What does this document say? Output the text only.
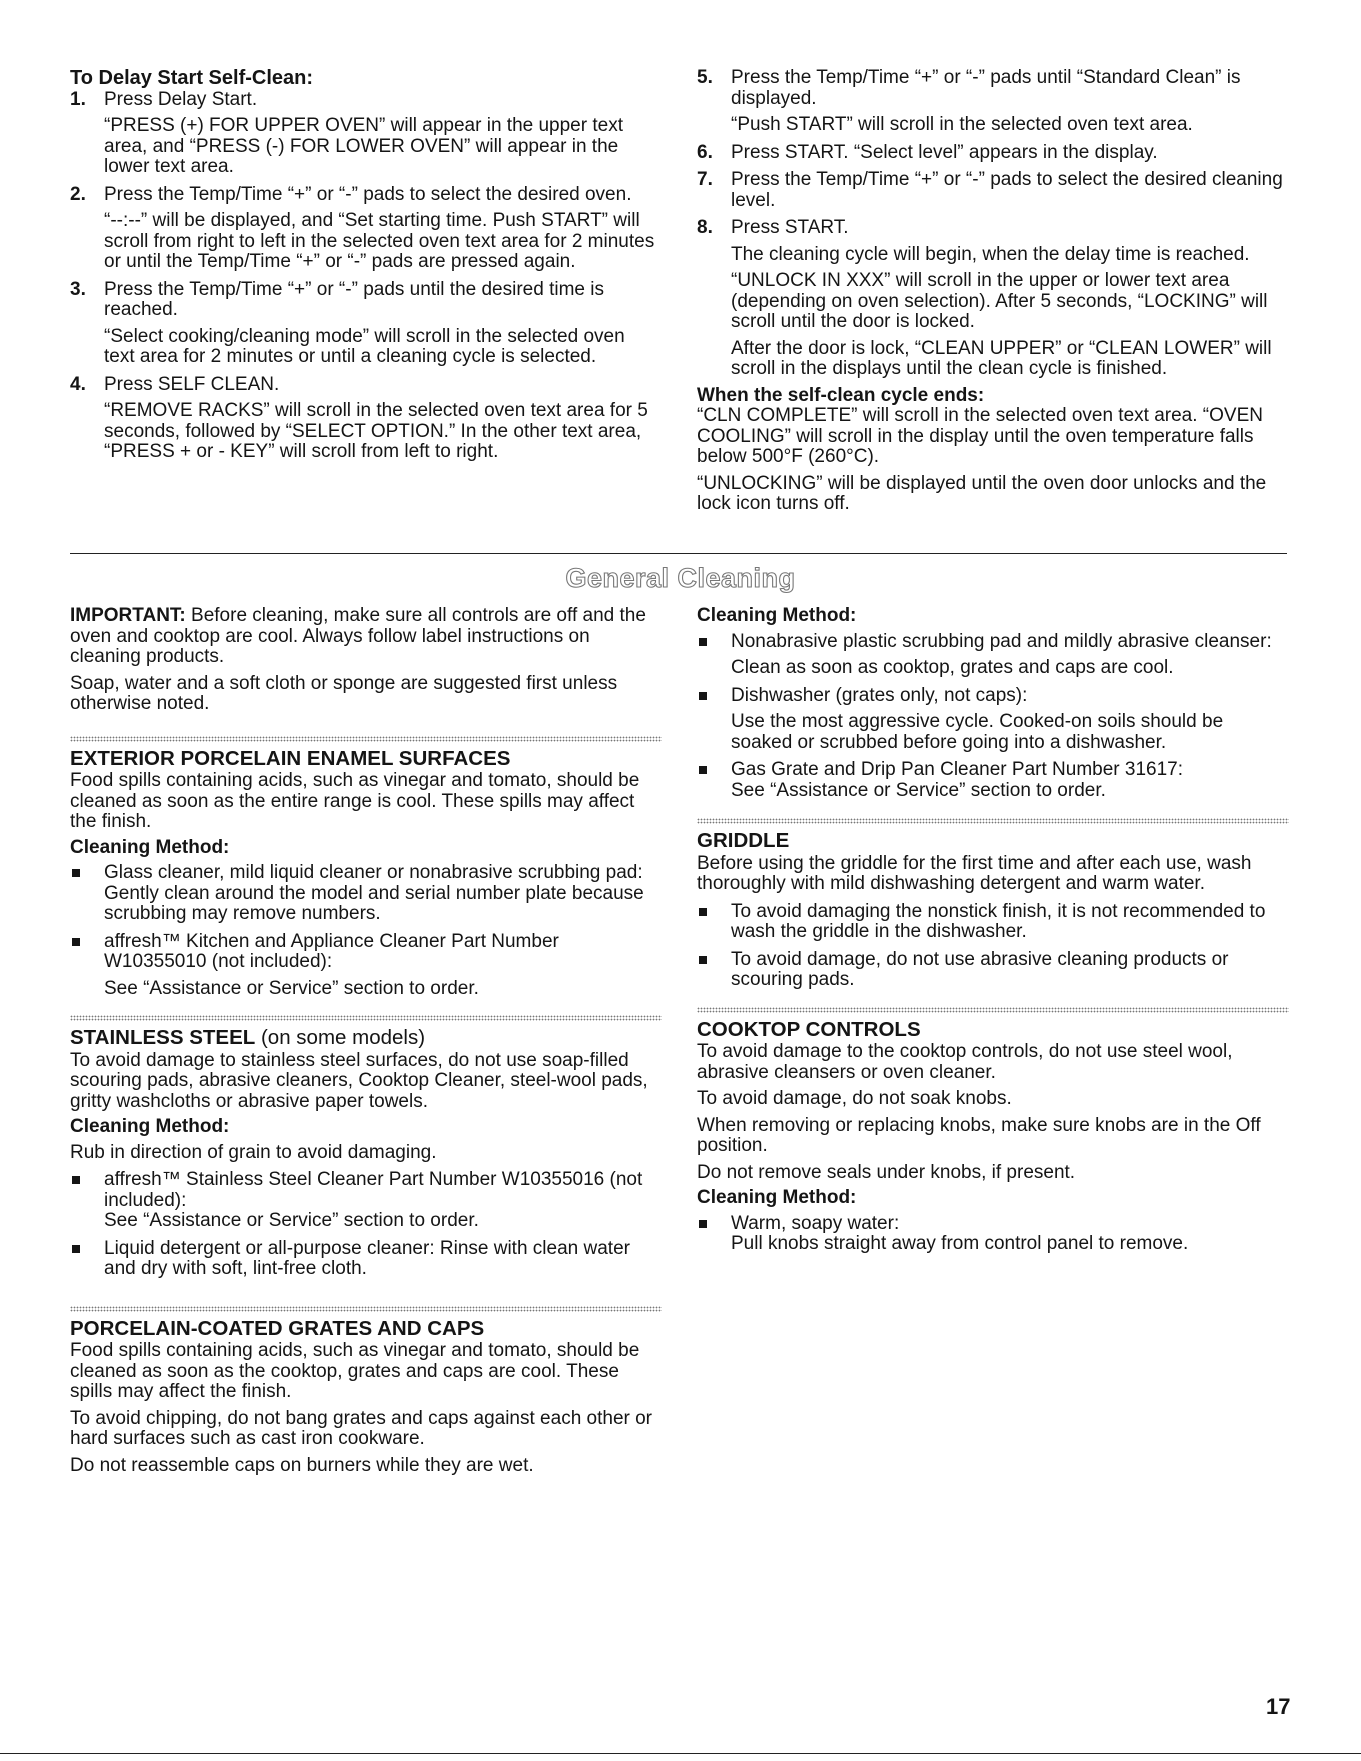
To Delay Start Self-Clean:
1. Press Delay Start.

“PRESS (+) FOR UPPER OVEN” will appear in the upper text area, and “PRESS (-) FOR LOWER OVEN” will appear in the lower text area.

2. Press the Temp/Time “+” or “-” pads to select the desired oven.

“--:--” will be displayed, and “Set starting time. Push START” will scroll from right to left in the selected oven text area for 2 minutes or until the Temp/Time “+” or “-” pads are pressed again.

3. Press the Temp/Time “+” or “-” pads until the desired time is reached.

“Select cooking/cleaning mode” will scroll in the selected oven text area for 2 minutes or until a cleaning cycle is selected.

4. Press SELF CLEAN.

“REMOVE RACKS” will scroll in the selected oven text area for 5 seconds, followed by “SELECT OPTION.” In the other text area, “PRESS + or - KEY” will scroll from left to right.

5. Press the Temp/Time “+” or “-” pads until “Standard Clean” is displayed.

“Push START” will scroll in the selected oven text area.

6. Press START. “Select level” appears in the display.

7. Press the Temp/Time “+” or “-” pads to select the desired cleaning level.

8. Press START.

The cleaning cycle will begin, when the delay time is reached.

“UNLOCK IN XXX” will scroll in the upper or lower text area (depending on oven selection). After 5 seconds, “LOCKING” will scroll until the door is locked.

After the door is lock, “CLEAN UPPER” or “CLEAN LOWER” will scroll in the displays until the clean cycle is finished.

When the self-clean cycle ends:

“CLN COMPLETE” will scroll in the selected oven text area. “OVEN COOLING” will scroll in the display until the oven temperature falls below 500°F (260°C).

“UNLOCKING” will be displayed until the oven door unlocks and the lock icon turns off.

General Cleaning

IMPORTANT: Before cleaning, make sure all controls are off and the oven and cooktop are cool. Always follow label instructions on cleaning products.

Soap, water and a soft cloth or sponge are suggested first unless otherwise noted.

EXTERIOR PORCELAIN ENAMEL SURFACES

Food spills containing acids, such as vinegar and tomato, should be cleaned as soon as the entire range is cool. These spills may affect the finish.

Cleaning Method:

Glass cleaner, mild liquid cleaner or nonabrasive scrubbing pad: Gently clean around the model and serial number plate because scrubbing may remove numbers.

affresh™ Kitchen and Appliance Cleaner Part Number W10355010 (not included):

See “Assistance or Service” section to order.

STAINLESS STEEL (on some models)

To avoid damage to stainless steel surfaces, do not use soap-filled scouring pads, abrasive cleaners, Cooktop Cleaner, steel-wool pads, gritty washcloths or abrasive paper towels.

Cleaning Method:

Rub in direction of grain to avoid damaging.

affresh™ Stainless Steel Cleaner Part Number W10355016 (not included):

See “Assistance or Service” section to order.

Liquid detergent or all-purpose cleaner: Rinse with clean water and dry with soft, lint-free cloth.

PORCELAIN-COATED GRATES AND CAPS

Food spills containing acids, such as vinegar and tomato, should be cleaned as soon as the cooktop, grates and caps are cool. These spills may affect the finish.

To avoid chipping, do not bang grates and caps against each other or hard surfaces such as cast iron cookware.

Do not reassemble caps on burners while they are wet.

Cleaning Method:

Nonabrasive plastic scrubbing pad and mildly abrasive cleanser:

Clean as soon as cooktop, grates and caps are cool.

Dishwasher (grates only, not caps):

Use the most aggressive cycle. Cooked-on soils should be soaked or scrubbed before going into a dishwasher.

Gas Grate and Drip Pan Cleaner Part Number 31617:

See “Assistance or Service” section to order.

GRIDDLE

Before using the griddle for the first time and after each use, wash thoroughly with mild dishwashing detergent and warm water.

To avoid damaging the nonstick finish, it is not recommended to wash the griddle in the dishwasher.

To avoid damage, do not use abrasive cleaning products or scouring pads.

COOKTOP CONTROLS

To avoid damage to the cooktop controls, do not use steel wool, abrasive cleansers or oven cleaner.

To avoid damage, do not soak knobs.

When removing or replacing knobs, make sure knobs are in the Off position.

Do not remove seals under knobs, if present.

Cleaning Method:

Warm, soapy water:

Pull knobs straight away from control panel to remove.

17
